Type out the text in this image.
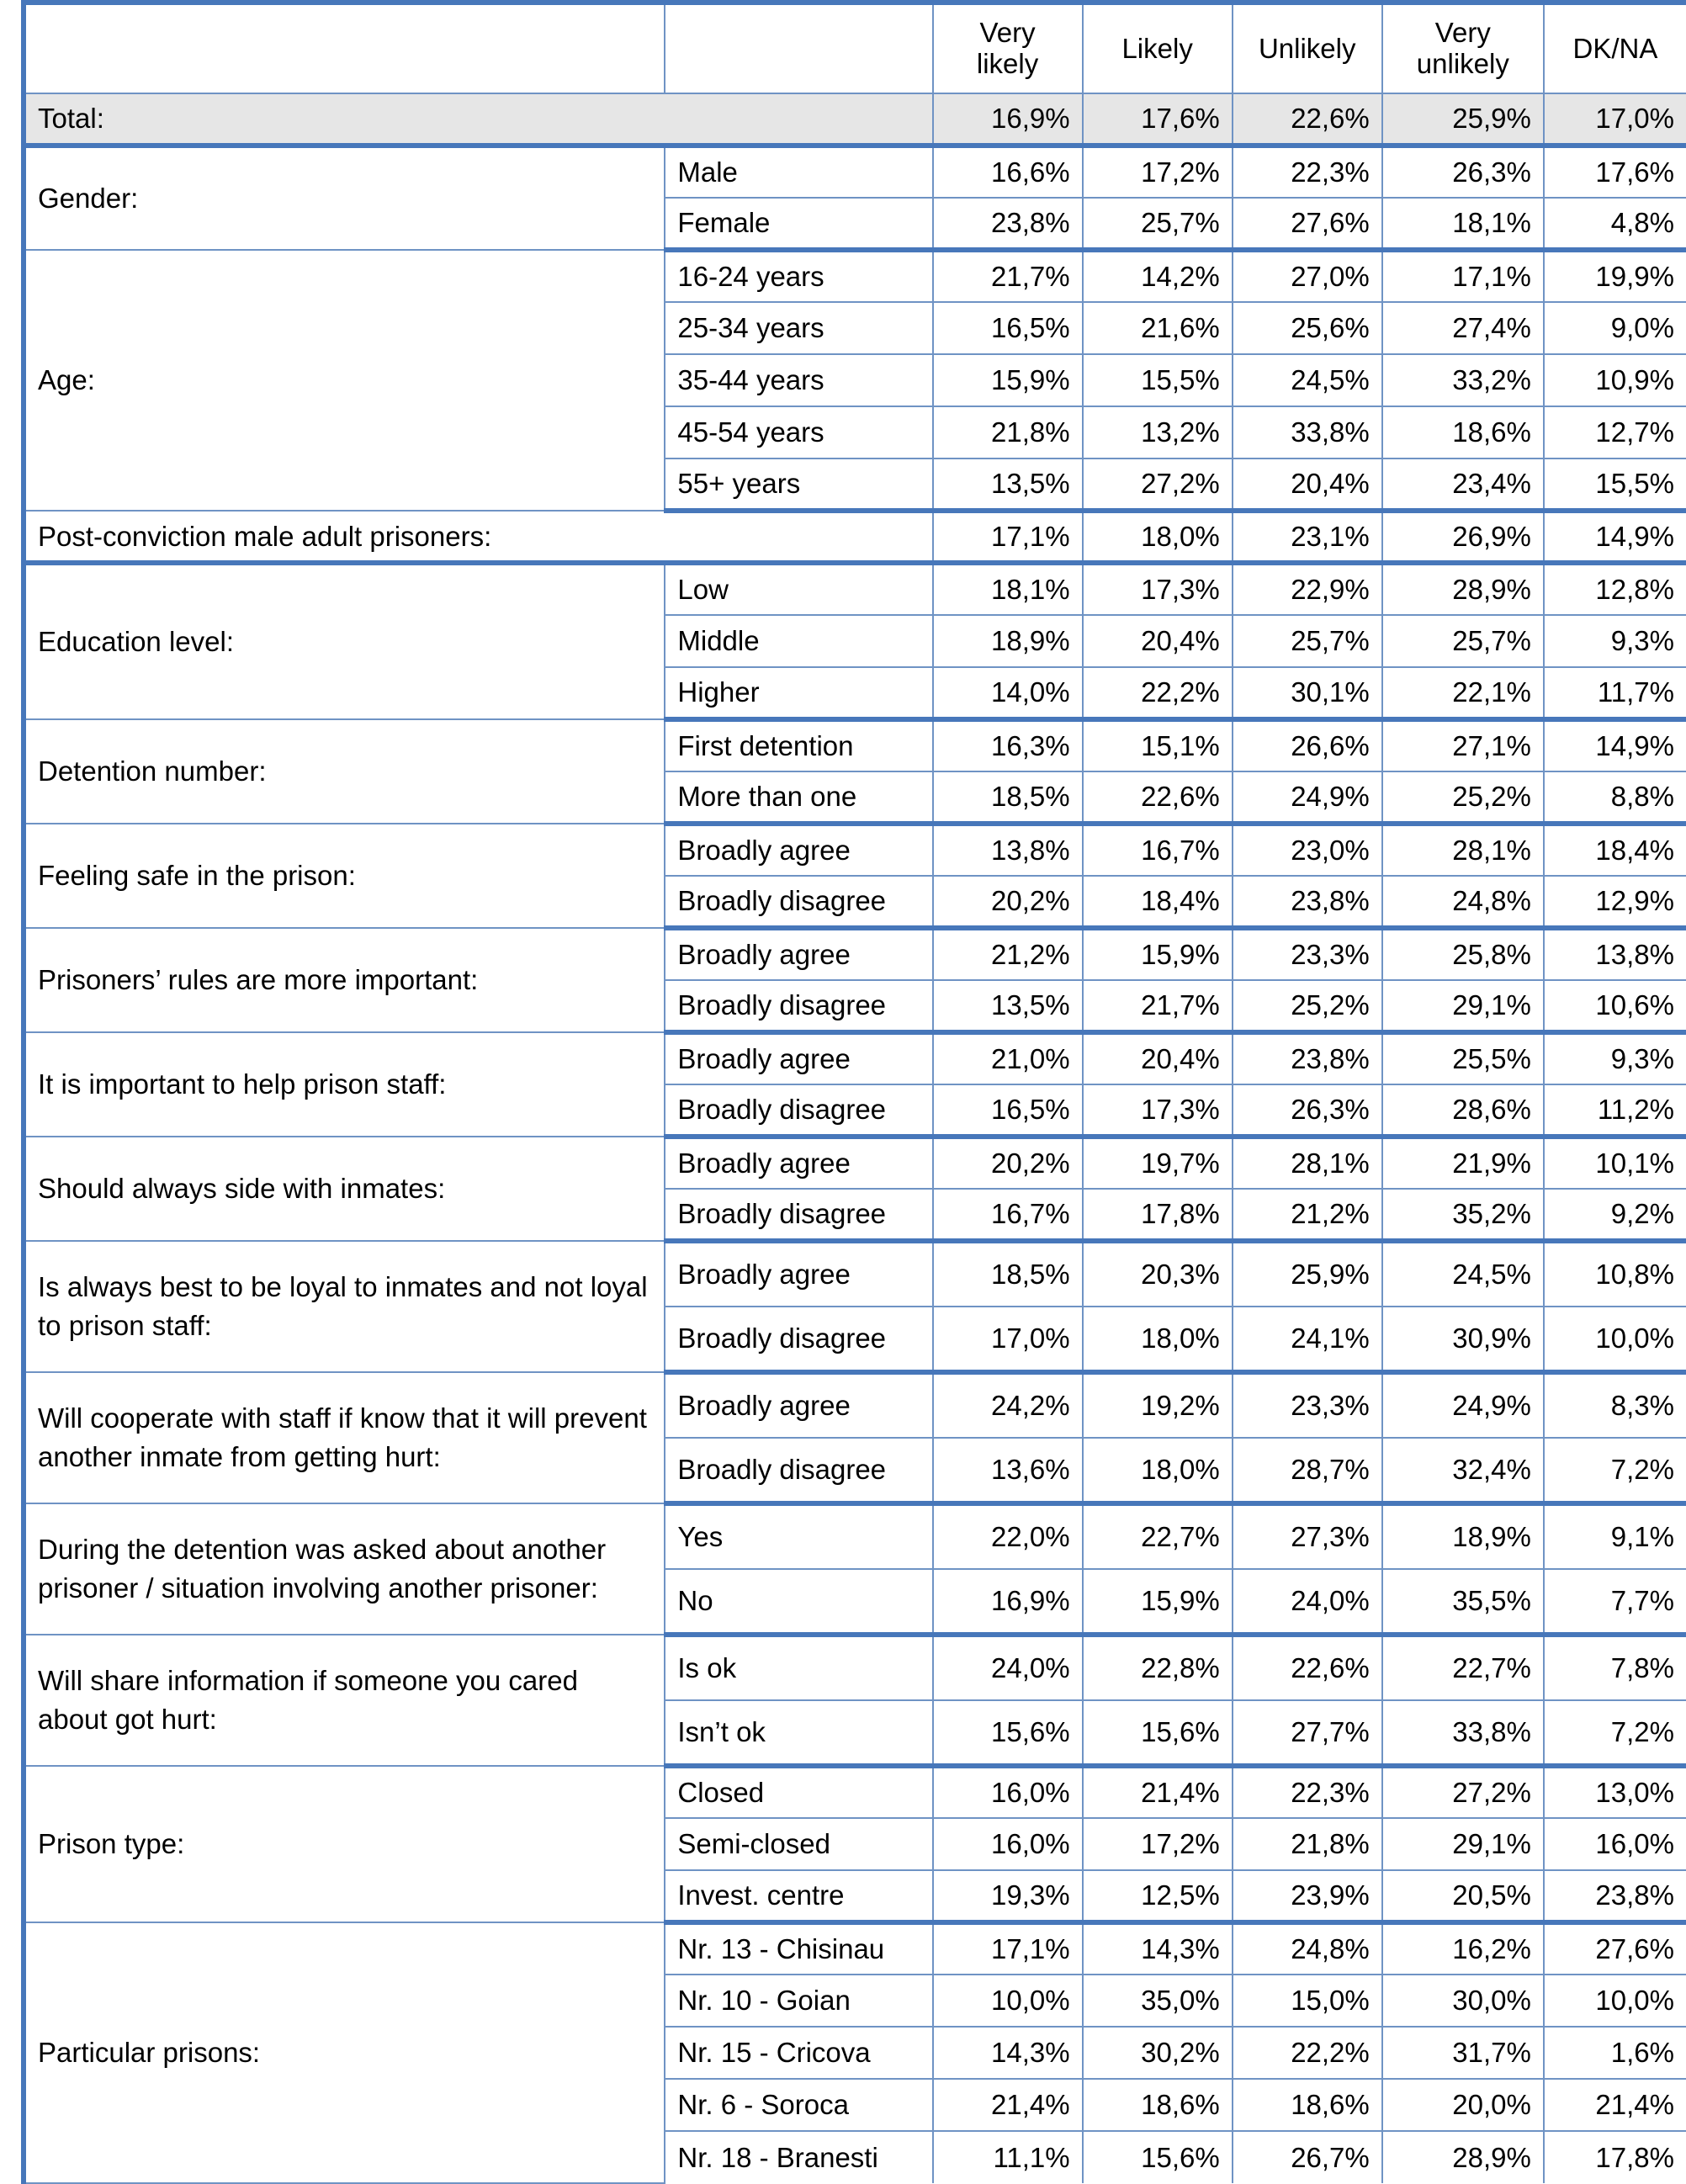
		Very likely	Likely	Unlikely	Very unlikely	DK/NA
Total:		16,9%	17,6%	22,6%	25,9%	17,0%
Gender:	Male	16,6%	17,2%	22,3%	26,3%	17,6%
	Female	23,8%	25,7%	27,6%	18,1%	4,8%
Age:	16-24 years	21,7%	14,2%	27,0%	17,1%	19,9%
	25-34 years	16,5%	21,6%	25,6%	27,4%	9,0%
	35-44 years	15,9%	15,5%	24,5%	33,2%	10,9%
	45-54 years	21,8%	13,2%	33,8%	18,6%	12,7%
	55+ years	13,5%	27,2%	20,4%	23,4%	15,5%
Post-conviction male adult prisoners:		17,1%	18,0%	23,1%	26,9%	14,9%
Education level:	Low	18,1%	17,3%	22,9%	28,9%	12,8%
	Middle	18,9%	20,4%	25,7%	25,7%	9,3%
	Higher	14,0%	22,2%	30,1%	22,1%	11,7%
Detention number:	First detention	16,3%	15,1%	26,6%	27,1%	14,9%
	More than one	18,5%	22,6%	24,9%	25,2%	8,8%
Feeling safe in the prison:	Broadly agree	13,8%	16,7%	23,0%	28,1%	18,4%
	Broadly disagree	20,2%	18,4%	23,8%	24,8%	12,9%
Prisoners’ rules are more important:	Broadly agree	21,2%	15,9%	23,3%	25,8%	13,8%
	Broadly disagree	13,5%	21,7%	25,2%	29,1%	10,6%
It is important to help prison staff:	Broadly agree	21,0%	20,4%	23,8%	25,5%	9,3%
	Broadly disagree	16,5%	17,3%	26,3%	28,6%	11,2%
Should always side with inmates:	Broadly agree	20,2%	19,7%	28,1%	21,9%	10,1%
	Broadly disagree	16,7%	17,8%	21,2%	35,2%	9,2%
Is always best to be loyal to inmates and not loyal to prison staff:	Broadly agree	18,5%	20,3%	25,9%	24,5%	10,8%
	Broadly disagree	17,0%	18,0%	24,1%	30,9%	10,0%
Will cooperate with staff if know that it will prevent another inmate from getting hurt:	Broadly agree	24,2%	19,2%	23,3%	24,9%	8,3%
	Broadly disagree	13,6%	18,0%	28,7%	32,4%	7,2%
During the detention was asked about another prisoner / situation involving another prisoner:	Yes	22,0%	22,7%	27,3%	18,9%	9,1%
	No	16,9%	15,9%	24,0%	35,5%	7,7%
Will share information if someone you cared about got hurt:	Is ok	24,0%	22,8%	22,6%	22,7%	7,8%
	Isn’t ok	15,6%	15,6%	27,7%	33,8%	7,2%
Prison type:	Closed	16,0%	21,4%	22,3%	27,2%	13,0%
	Semi-closed	16,0%	17,2%	21,8%	29,1%	16,0%
	Invest. centre	19,3%	12,5%	23,9%	20,5%	23,8%
Particular prisons:	Nr. 13 - Chisinau	17,1%	14,3%	24,8%	16,2%	27,6%
	Nr. 10 - Goian	10,0%	35,0%	15,0%	30,0%	10,0%
	Nr. 15 - Cricova	14,3%	30,2%	22,2%	31,7%	1,6%
	Nr. 6 - Soroca	21,4%	18,6%	18,6%	20,0%	21,4%
	Nr. 18 - Branesti	11,1%	15,6%	26,7%	28,9%	17,8%
